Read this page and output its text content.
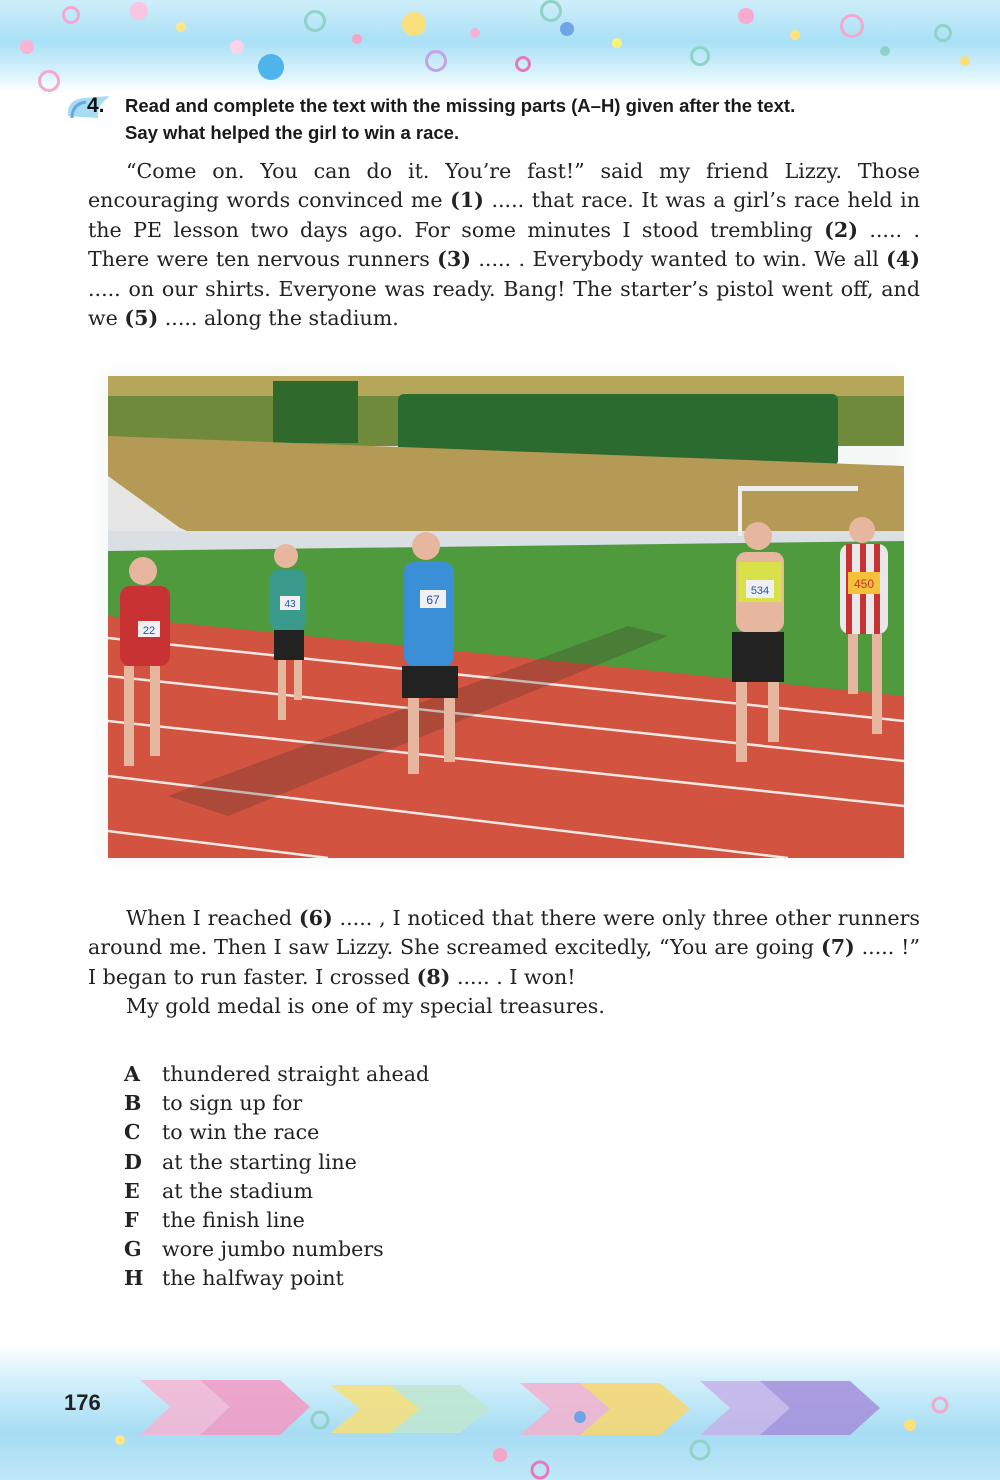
4. Read and complete the text with the missing parts (A–H) given after the text.
Say what helped the girl to win a race.
“Come on. You can do it. You’re fast!” said my friend Lizzy. Those encouraging words convinced me (1) ..... that race. It was a girl’s race held in the PE lesson two days ago. For some minutes I stood trembling (2) ..... . There were ten nervous runners (3) ..... . Everybody wanted to win. We all (4) ..... on our shirts. Everyone was ready. Bang! The starter’s pistol went off, and we (5) ..... along the stadium.
22
43	67
534	450
When I reached (6) ..... , I noticed that there were only three other runners around me. Then I saw Lizzy. She screamed excitedly, “You are going (7) ..... !” I began to run faster. I crossed (8) ..... . I won!
My gold medal is one of my special treasures.
A	thundered straight ahead
B to sign up for
C	to win the race
D at the starting line
E	at the stadium
F	the finish line
G wore jumbo numbers
H the halfway point
176
